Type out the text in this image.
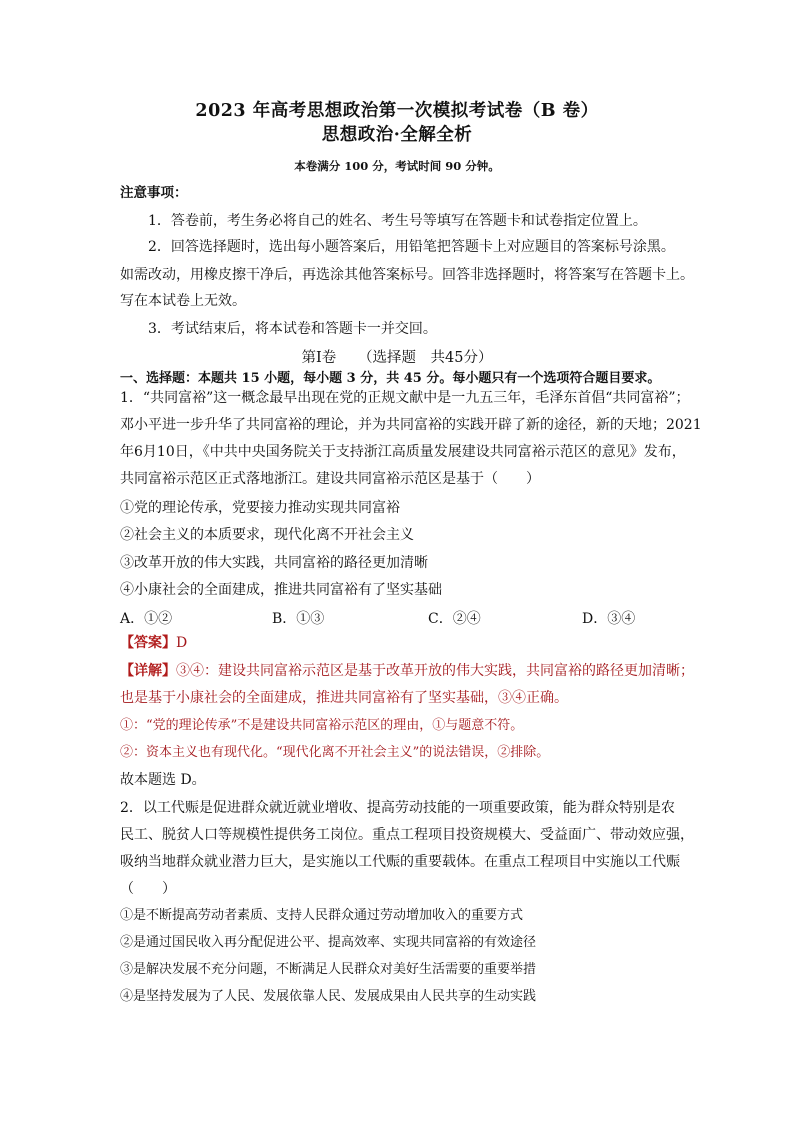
2023 年高考思想政治第一次模拟考试卷（B 卷）
思想政治·全解全析
本卷满分 100 分，考试时间 90 分钟。
注意事项：
1．答卷前，考生务必将自己的姓名、考生号等填写在答题卡和试卷指定位置上。
2．回答选择题时，选出每小题答案后，用铅笔把答题卡上对应题目的答案标号涂黑。
如需改动，用橡皮擦干净后，再选涂其他答案标号。回答非选择题时，将答案写在答题卡上。
写在本试卷上无效。
3．考试结束后，将本试卷和答题卡一并交回。
第Ⅰ卷　　（选择题　共45分）
一、选择题：本题共 15 小题，每小题 3 分，共 45 分。每小题只有一个选项符合题目要求。
1．“共同富裕”这一概念最早出现在党的正规文献中是一九五三年，毛泽东首倡“共同富裕”；
邓小平进一步升华了共同富裕的理论，并为共同富裕的实践开辟了新的途径，新的天地；2021
年6月10日，《中共中央国务院关于支持浙江高质量发展建设共同富裕示范区的意见》发布，
共同富裕示范区正式落地浙江。建设共同富裕示范区是基于（　　）
①党的理论传承，党要接力推动实现共同富裕
②社会主义的本质要求，现代化离不开社会主义
③改革开放的伟大实践，共同富裕的路径更加清晰
④小康社会的全面建成，推进共同富裕有了坚实基础
A．①②	B．①③	C．②④	D．③④
【答案】D
【详解】③④：建设共同富裕示范区是基于改革开放的伟大实践，共同富裕的路径更加清晰；
也是基于小康社会的全面建成，推进共同富裕有了坚实基础，③④正确。
①：“党的理论传承”不是建设共同富裕示范区的理由，①与题意不符。
②：资本主义也有现代化。“现代化离不开社会主义”的说法错误，②排除。
故本题选 D。
2．以工代赈是促进群众就近就业增收、提高劳动技能的一项重要政策，能为群众特别是农
民工、脱贫人口等规模性提供务工岗位。重点工程项目投资规模大、受益面广、带动效应强，
吸纳当地群众就业潜力巨大，是实施以工代赈的重要载体。在重点工程项目中实施以工代赈
（　　）
①是不断提高劳动者素质、支持人民群众通过劳动增加收入的重要方式
②是通过国民收入再分配促进公平、提高效率、实现共同富裕的有效途径
③是解决发展不充分问题，不断满足人民群众对美好生活需要的重要举措
④是坚持发展为了人民、发展依靠人民、发展成果由人民共享的生动实践
